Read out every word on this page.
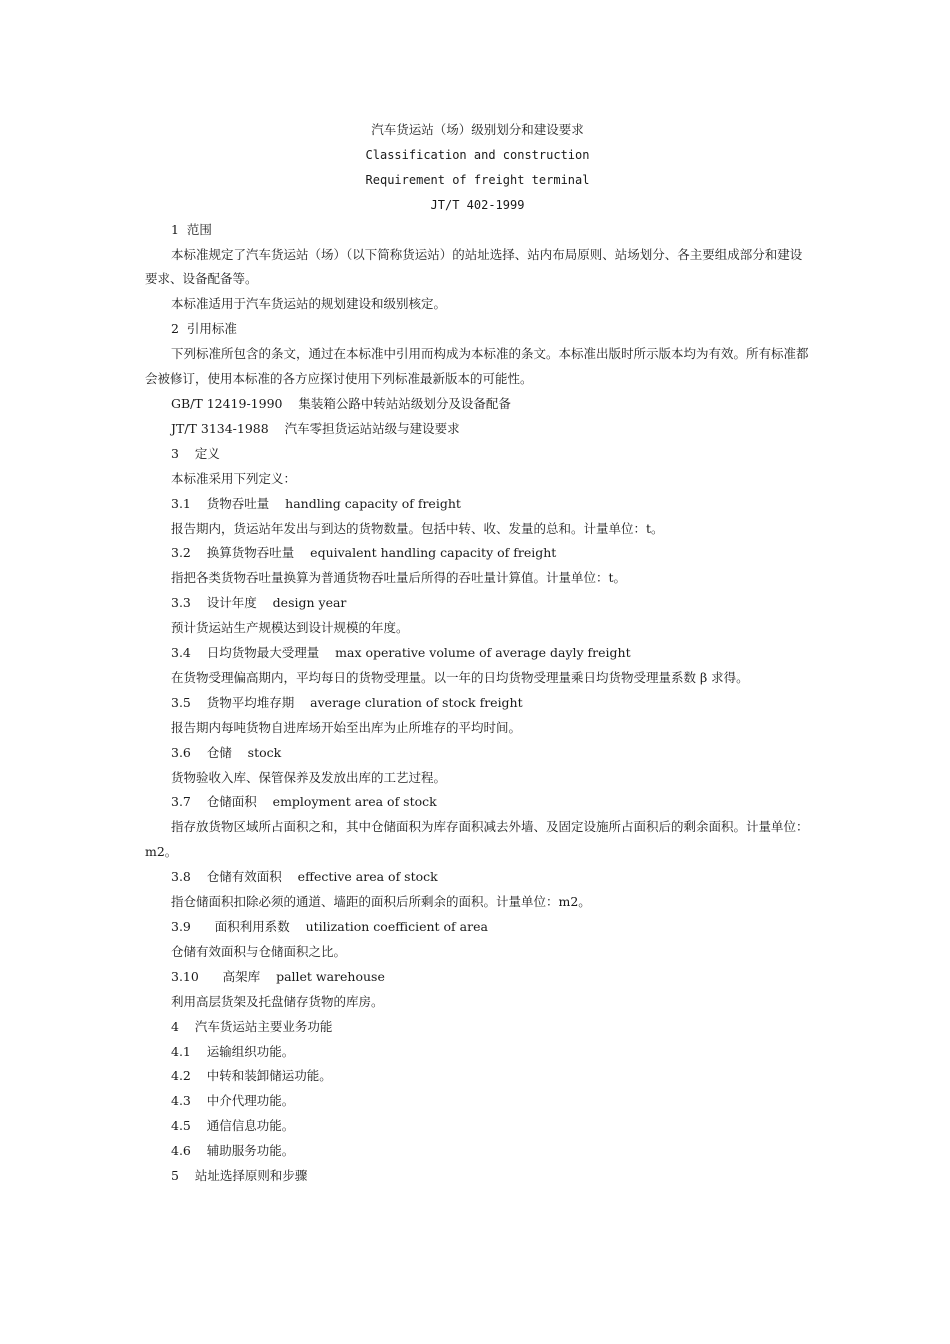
汽车货运站（场）级别划分和建设要求
Classification and construction
Requirement of freight terminal
JT/T 402-1999
1  范围
本标准规定了汽车货运站（场）（以下简称货运站）的站址选择、站内布局原则、站场划分、各主要组成部分和建设要求、设备配备等。
本标准适用于汽车货运站的规划建设和级别核定。
2  引用标准
下列标准所包含的条文，通过在本标准中引用而构成为本标准的条文。本标准出版时所示版本均为有效。所有标准都会被修订，使用本标准的各方应探讨使用下列标准最新版本的可能性。
GB/T 12419-1990    集装箱公路中转站站级划分及设备配备
JT/T 3134-1988    汽车零担货运站站级与建设要求
3    定义
本标准采用下列定义：
3.1    货物吞吐量    handling capacity of freight
报告期内，货运站年发出与到达的货物数量。包括中转、收、发量的总和。计量单位：t。
3.2    换算货物吞吐量    equivalent handling capacity of freight
指把各类货物吞吐量换算为普通货物吞吐量后所得的吞吐量计算值。计量单位：t。
3.3    设计年度    design year
预计货运站生产规模达到设计规模的年度。
3.4    日均货物最大受理量    max operative volume of average dayly freight
在货物受理偏高期内，平均每日的货物受理量。以一年的日均货物受理量乘日均货物受理量系数 β 求得。
3.5    货物平均堆存期    average cluration of stock freight
报告期内每吨货物自进库场开始至出库为止所堆存的平均时间。
3.6    仓储    stock
货物验收入库、保管保养及发放出库的工艺过程。
3.7    仓储面积    employment area of stock
指存放货物区域所占面积之和，其中仓储面积为库存面积减去外墙、及固定设施所占面积后的剩余面积。计量单位：m2。
3.8    仓储有效面积    effective area of stock
指仓储面积扣除必须的通道、墙距的面积后所剩余的面积。计量单位：m2。
3.9      面积利用系数    utilization coefficient of area
仓储有效面积与仓储面积之比。
3.10      高架库    pallet warehouse
利用高层货架及托盘储存货物的库房。
4    汽车货运站主要业务功能
4.1    运输组织功能。
4.2    中转和装卸储运功能。
4.3    中介代理功能。
4.5    通信信息功能。
4.6    辅助服务功能。
5    站址选择原则和步骤
